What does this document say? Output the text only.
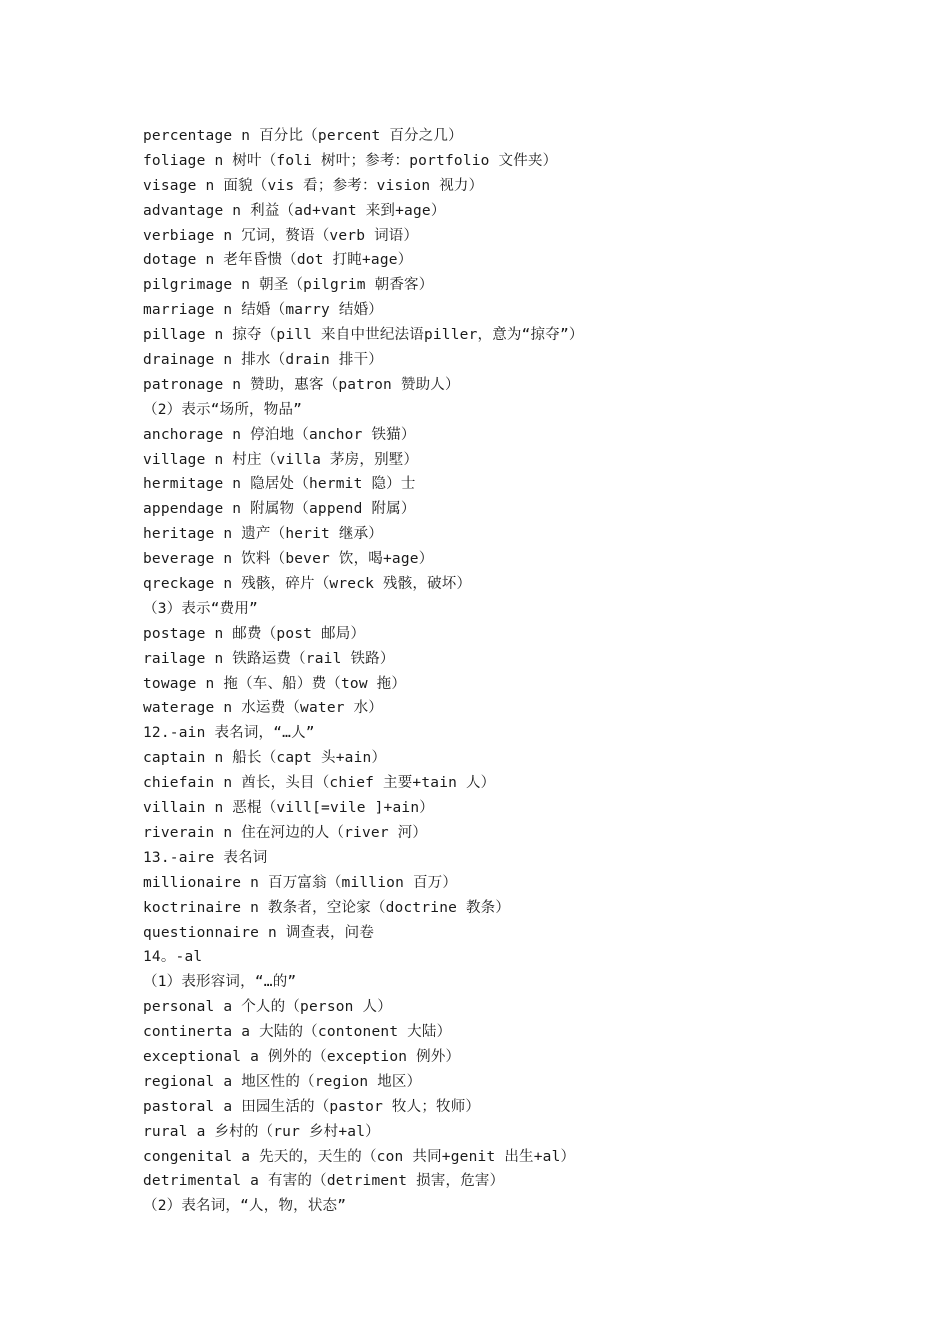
percentage n 百分比（percent 百分之几）
foliage n 树叶（foli 树叶；参考：portfolio 文件夹）
visage n 面貌（vis 看；参考：vision 视力）
advantage n 利益（ad+vant 来到+age）
verbiage n 冗词，赘语（verb 词语）
dotage n 老年昏愦（dot 打盹+age）
pilgrimage n 朝圣（pilgrim 朝香客）
marriage n 结婚（marry 结婚）
pillage n 掠夺（pill 来自中世纪法语piller，意为“掠夺”）
drainage n 排水（drain 排干）
patronage n 赞助，惠客（patron 赞助人）
（2）表示“场所，物品”
anchorage n 停泊地（anchor 铁猫）
village n 村庄（villa 茅房，别墅）
hermitage n 隐居处（hermit 隐）士
appendage n 附属物（append 附属）
heritage n 遗产（herit 继承）
beverage n 饮料（bever 饮，喝+age）
qreckage n 残骸，碎片（wreck 残骸，破坏）
（3）表示“费用”
postage n 邮费（post 邮局）
railage n 铁路运费（rail 铁路）
towage n 拖（车、船）费（tow 拖）
waterage n 水运费（water 水）
12.-ain 表名词，“…人”
captain n 船长（capt 头+ain）
chiefain n 酋长，头目（chief 主要+tain 人）
villain n 恶棍（vill[=vile ]+ain）
riverain n 住在河边的人（river 河）
13.-aire 表名词
millionaire n 百万富翁（million 百万）
koctrinaire n 教条者，空论家（doctrine 教条）
questionnaire n 调查表，问卷
14。-al
（1）表形容词，“…的”
personal a 个人的（person 人）
continerta a 大陆的（contonent 大陆）
exceptional a 例外的（exception 例外）
regional a 地区性的（region 地区）
pastoral a 田园生活的（pastor 牧人；牧师）
rural a 乡村的（rur 乡村+al）
congenital a 先天的，天生的（con 共同+genit 出生+al）
detrimental a 有害的（detriment 损害，危害）
（2）表名词，“人，物，状态”
